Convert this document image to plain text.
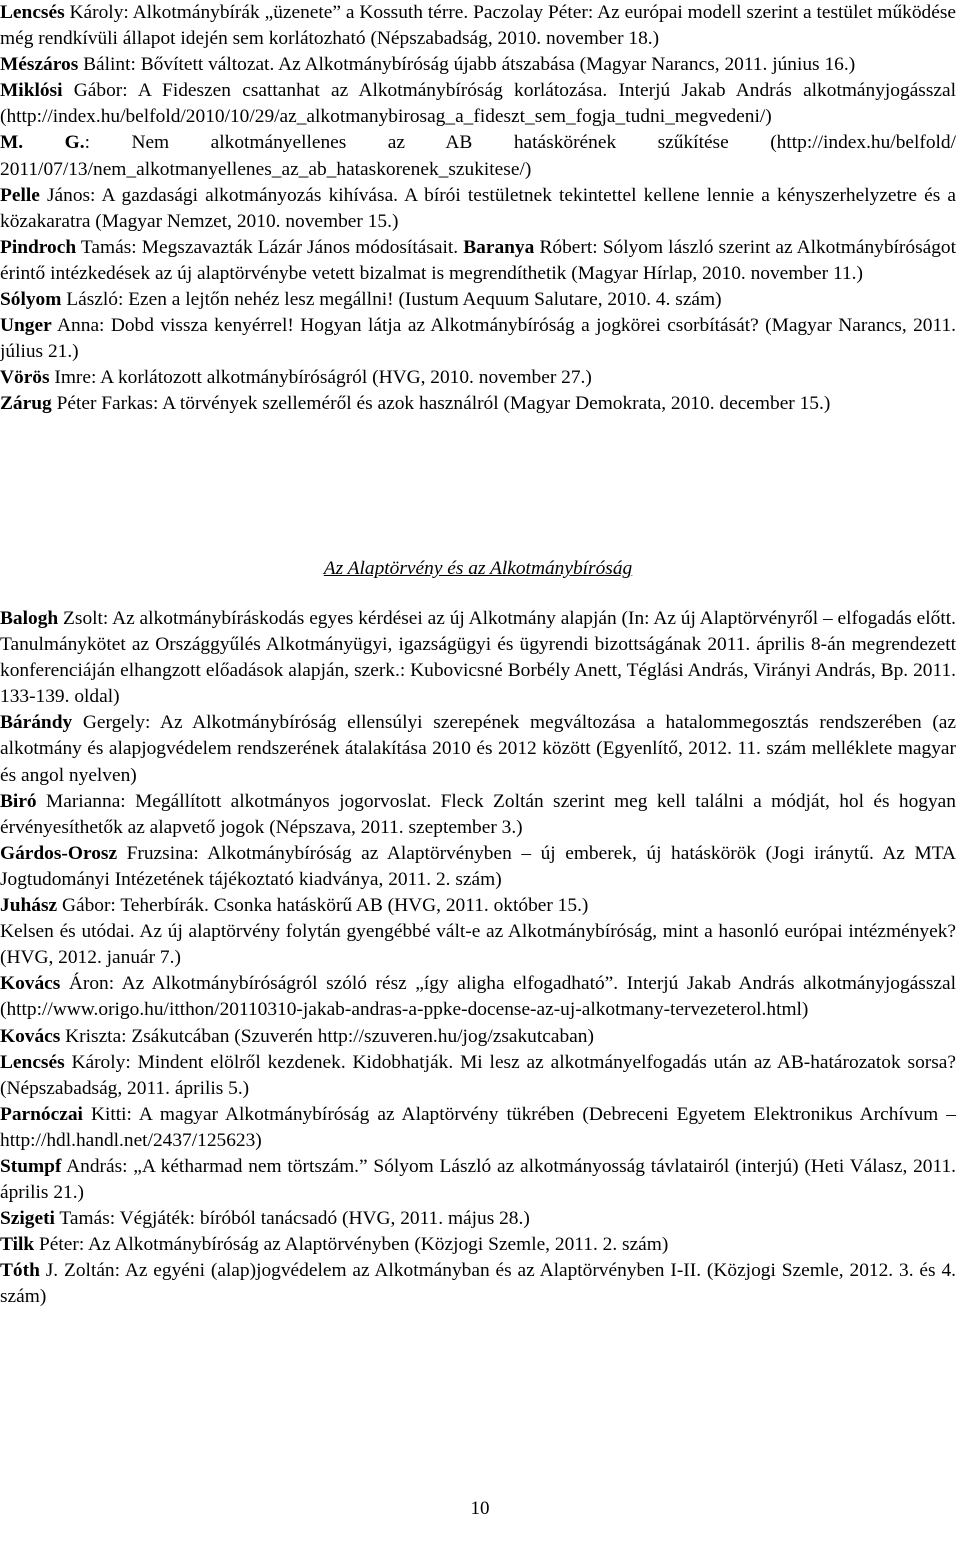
Lencsés Károly: Alkotmánybírák „üzenete” a Kossuth térre. Paczolay Péter: Az európai modell szerint a testület működése még rendkívüli állapot idején sem korlátozható (Népszabadság, 2010. november 18.)

Mészáros Bálint: Bővített változat. Az Alkotmánybíróság újabb átszabása (Magyar Narancs, 2011. június 16.)

Miklósi Gábor: A Fideszen csattanhat az Alkotmánybíróság korlátozása. Interjú Jakab András alkotmányjogásszal (http://index.hu/belfold/2010/10/29/az_alkotmanybirosag_a_fideszt_sem_fogja_tudni_megvedeni/)

M. G.: Nem alkotmányellenes az AB hatáskörének szűkítése (http://index.hu/belfold/ 2011/07/13/nem_alkotmanyellenes_az_ab_hataskorenek_szukitese/)

Pelle János: A gazdasági alkotmányozás kihívása. A bírói testületnek tekintettel kellene lennie a kényszerhelyzetre és a közakaratra (Magyar Nemzet, 2010. november 15.)

Pindroch Tamás: Megszavazták Lázár János módosításait. Baranya Róbert: Sólyom lászló szerint az Alkotmánybíróságot érintő intézkedések az új alaptörvénybe vetett bizalmat is megrendíthetik (Magyar Hírlap, 2010. november 11.)

Sólyom László: Ezen a lejtőn nehéz lesz megállni! (Iustum Aequum Salutare, 2010. 4. szám)

Unger Anna: Dobd vissza kenyérrel! Hogyan látja az Alkotmánybíróság a jogkörei csorbítását? (Magyar Narancs, 2011. július 21.)

Vörös Imre: A korlátozott alkotmánybíróságról (HVG, 2010. november 27.)

Zárug Péter Farkas: A törvények szelleméről és azok használról (Magyar Demokrata, 2010. december 15.)

Az Alaptörvény és az Alkotmánybíróság

Balogh Zsolt: Az alkotmánybíráskodás egyes kérdései az új Alkotmány alapján (In: Az új Alaptörvényről – elfogadás előtt. Tanulmánykötet az Országgyűlés Alkotmányügyi, igazságügyi és ügyrendi bizottságának 2011. április 8-án megrendezett konferenciáján elhangzott előadások alapján, szerk.: Kubovicsné Borbély Anett, Téglási András, Virányi András, Bp. 2011. 133-139. oldal)

Bárándy Gergely: Az Alkotmánybíróság ellensúlyi szerepének megváltozása a hatalommegosztás rendszerében (az alkotmány és alapjogvédelem rendszerének átalakítása 2010 és 2012 között (Egyenlítő, 2012. 11. szám melléklete magyar és angol nyelven)

Biró Marianna: Megállított alkotmányos jogorvoslat. Fleck Zoltán szerint meg kell találni a módját, hol és hogyan érvényesíthetők az alapvető jogok (Népszava, 2011. szeptember 3.)

Gárdos-Orosz Fruzsina: Alkotmánybíróság az Alaptörvényben – új emberek, új hatáskörök (Jogi iránytű. Az MTA Jogtudományi Intézetének tájékoztató kiadványa, 2011. 2. szám)

Juhász Gábor: Teherbírák. Csonka hatáskörű AB (HVG, 2011. október 15.)

Kelsen és utódai. Az új alaptörvény folytán gyengébbé vált-e az Alkotmánybíróság, mint a hasonló európai intézmények? (HVG, 2012. január 7.)

Kovács Áron: Az Alkotmánybíróságról szóló rész „így aligha elfogadható”. Interjú Jakab András alkotmányjogásszal (http://www.origo.hu/itthon/20110310-jakab-andras-a-ppke-docense-az-uj-alkotmany-tervezeterol.html)

Kovács Kriszta: Zsákutcában (Szuverén http://szuveren.hu/jog/zsakutcaban)

Lencsés Károly: Mindent elölről kezdenek. Kidobhatják. Mi lesz az alkotmányelfogadás után az AB-határozatok sorsa? (Népszabadság, 2011. április 5.)

Parnóczai Kitti: A magyar Alkotmánybíróság az Alaptörvény tükrében (Debreceni Egyetem Elektronikus Archívum – http://hdl.handl.net/2437/125623)

Stumpf András: „A kétharmad nem törtszám.” Sólyom László az alkotmányosság távlatairól (interjú) (Heti Válasz, 2011. április 21.)

Szigeti Tamás: Végjáték: bíróból tanácsadó (HVG, 2011. május 28.)

Tilk Péter: Az Alkotmánybíróság az Alaptörvényben (Közjogi Szemle, 2011. 2. szám)

Tóth J. Zoltán: Az egyéni (alap)jogvédelem az Alkotmányban és az Alaptörvényben I-II. (Közjogi Szemle, 2012. 3. és 4. szám)

10
